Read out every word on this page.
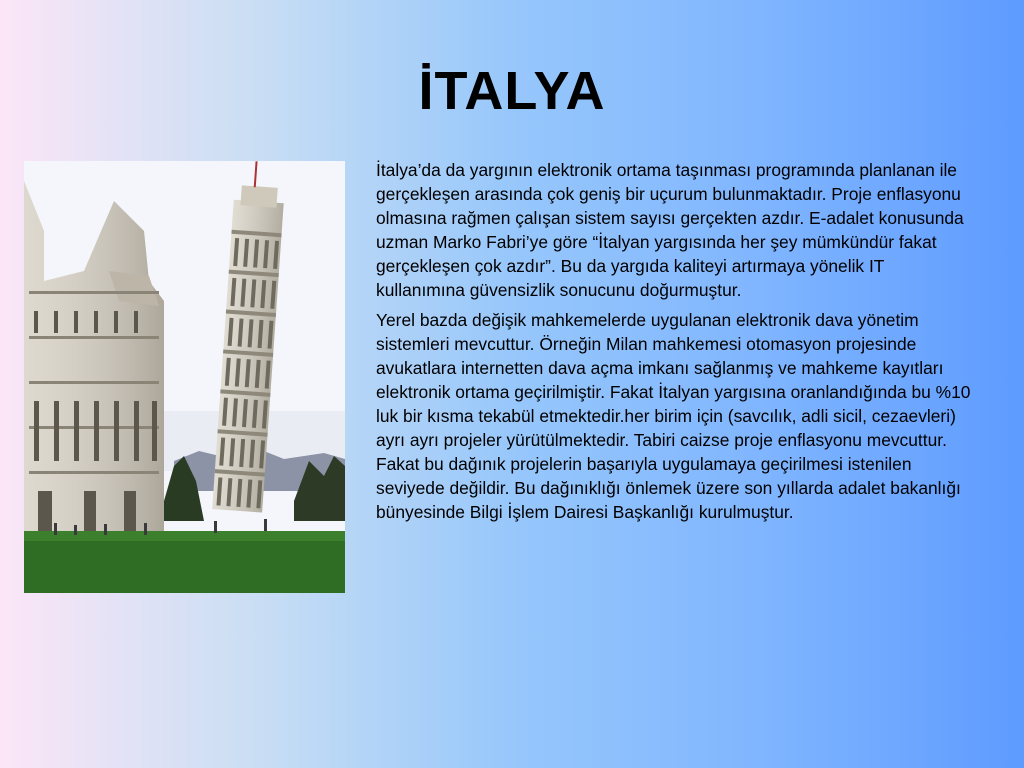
İTALYA

İtalya’da da yargının elektronik ortama taşınması programında planlanan ile gerçekleşen arasında çok geniş bir uçurum bulunmaktadır. Proje enflasyonu olmasına rağmen çalışan sistem sayısı gerçekten azdır. E-adalet konusunda uzman Marko Fabri’ye göre “İtalyan yargısında her şey mümkündür fakat gerçekleşen çok azdır”. Bu da yargıda kaliteyi artırmaya yönelik IT kullanımına güvensizlik sonucunu doğurmuştur.

Yerel bazda değişik mahkemelerde uygulanan elektronik dava yönetim sistemleri mevcuttur. Örneğin Milan mahkemesi otomasyon projesinde avukatlara internetten dava açma imkanı sağlanmış ve mahkeme kayıtları elektronik ortama geçirilmiştir. Fakat İtalyan yargısına oranlandığında bu %10 luk bir kısma tekabül etmektedir.her birim için (savcılık, adli sicil, cezaevleri) ayrı ayrı projeler yürütülmektedir. Tabiri caizse proje enflasyonu mevcuttur. Fakat bu dağınık projelerin başarıyla uygulamaya geçirilmesi istenilen seviyede değildir. Bu dağınıklığı önlemek üzere son yıllarda adalet bakanlığı bünyesinde Bilgi İşlem Dairesi Başkanlığı kurulmuştur.
